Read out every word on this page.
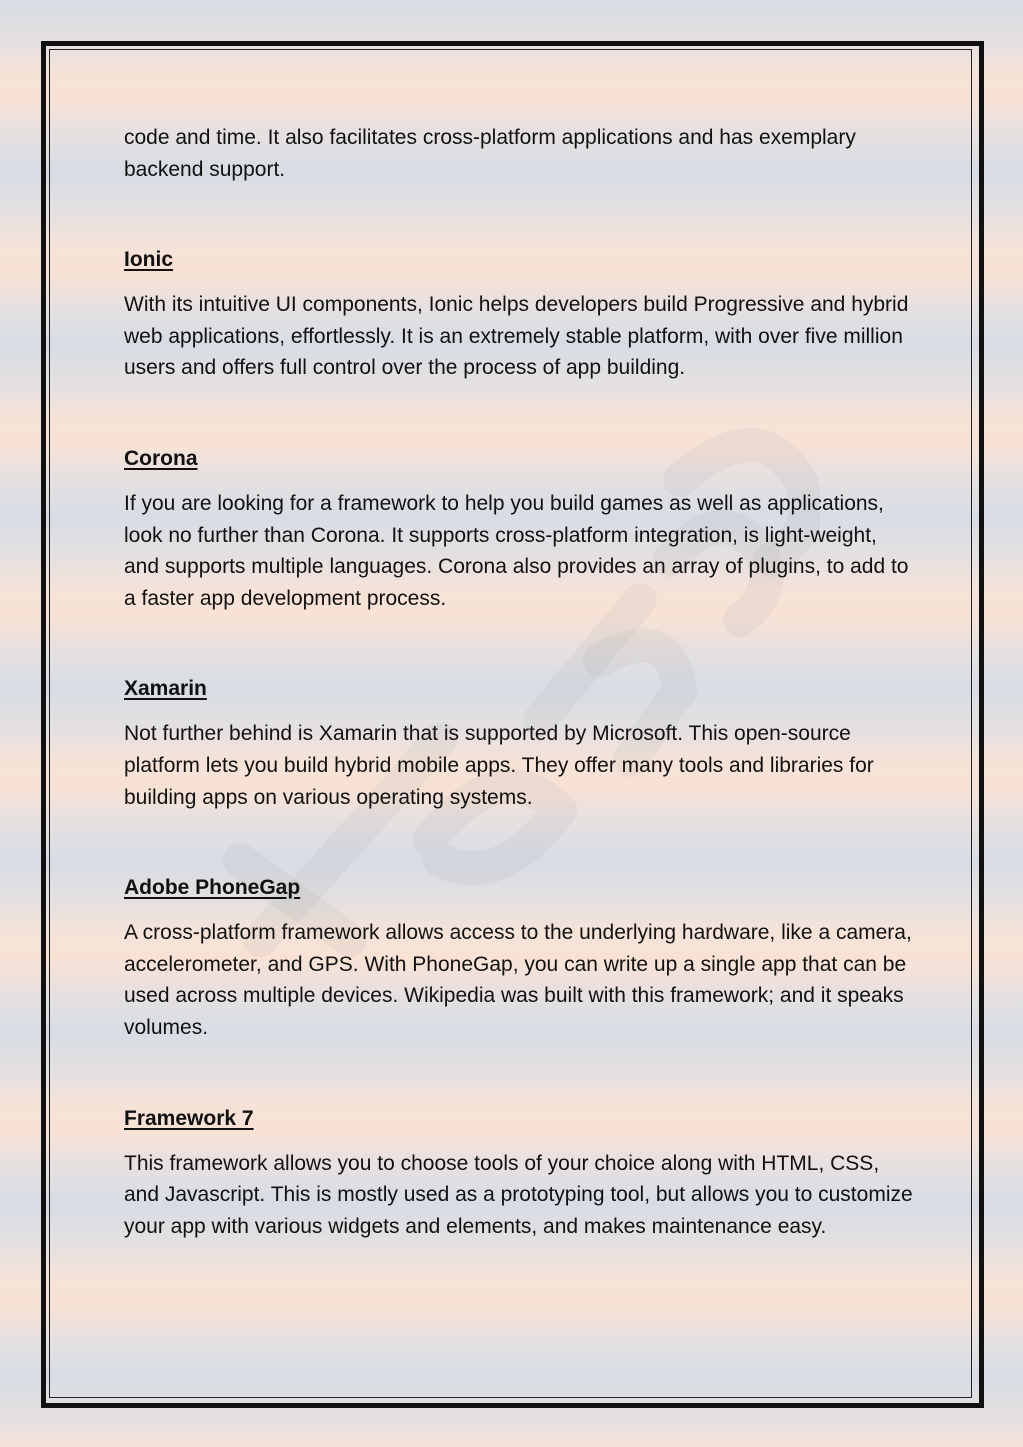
code and time. It also facilitates cross-platform applications and has exemplary backend support.

Ionic

With its intuitive UI components, Ionic helps developers build Progressive and hybrid web applications, effortlessly. It is an extremely stable platform, with over five million users and offers full control over the process of app building.

Corona

If you are looking for a framework to help you build games as well as applications, look no further than Corona. It supports cross-platform integration, is light-weight, and supports multiple languages. Corona also provides an array of plugins, to add to a faster app development process.

Xamarin

Not further behind is Xamarin that is supported by Microsoft. This open-source platform lets you build hybrid mobile apps. They offer many tools and libraries for building apps on various operating systems.

Adobe PhoneGap

A cross-platform framework allows access to the underlying hardware, like a camera, accelerometer, and GPS. With PhoneGap, you can write up a single app that can be used across multiple devices. Wikipedia was built with this framework; and it speaks volumes.

Framework 7

This framework allows you to choose tools of your choice along with HTML, CSS, and Javascript. This is mostly used as a prototyping tool, but allows you to customize your app with various widgets and elements, and makes maintenance easy.
